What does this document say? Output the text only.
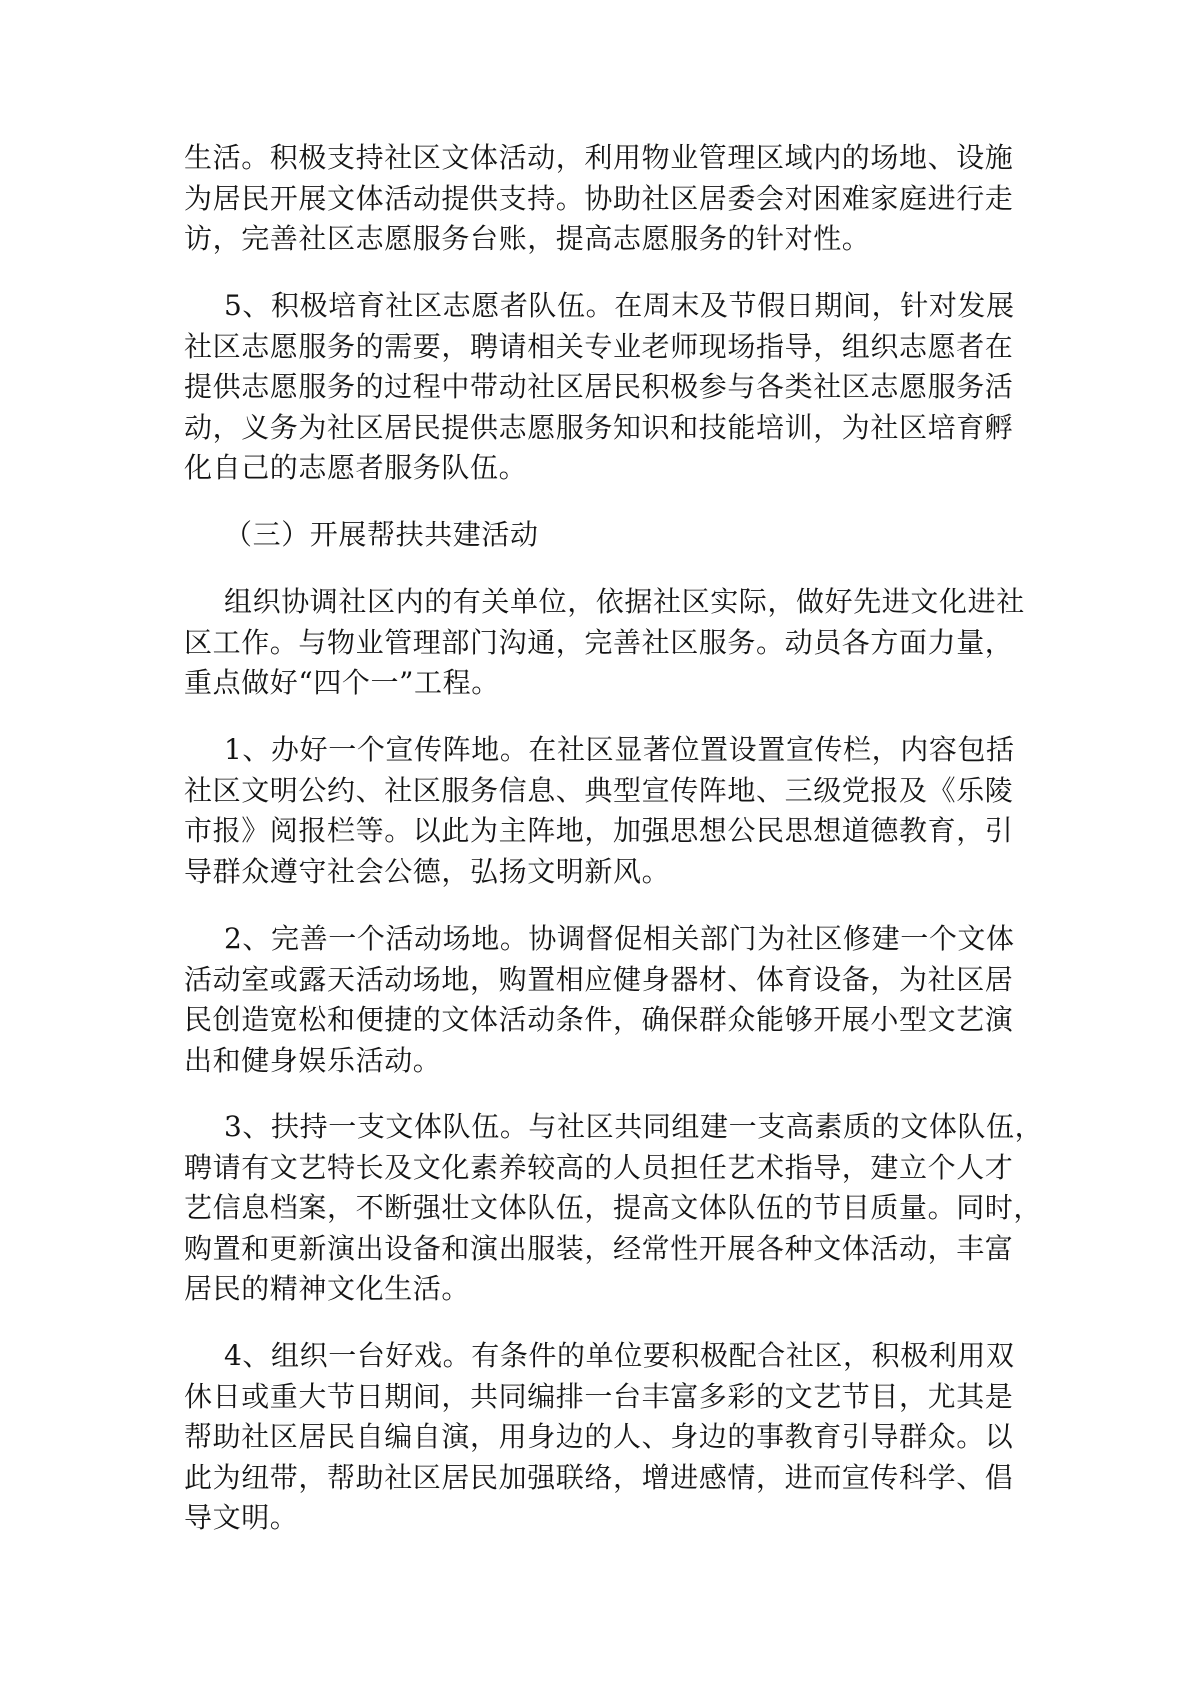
生活。积极支持社区文体活动，利用物业管理区域内的场地、设施
为居民开展文体活动提供支持。协助社区居委会对困难家庭进行走
访，完善社区志愿服务台账，提高志愿服务的针对性。

5、积极培育社区志愿者队伍。在周末及节假日期间，针对发展
社区志愿服务的需要，聘请相关专业老师现场指导，组织志愿者在
提供志愿服务的过程中带动社区居民积极参与各类社区志愿服务活
动，义务为社区居民提供志愿服务知识和技能培训，为社区培育孵
化自己的志愿者服务队伍。

（三）开展帮扶共建活动

组织协调社区内的有关单位，依据社区实际，做好先进文化进社
区工作。与物业管理部门沟通，完善社区服务。动员各方面力量，
重点做好“四个一”工程。

1、办好一个宣传阵地。在社区显著位置设置宣传栏，内容包括
社区文明公约、社区服务信息、典型宣传阵地、三级党报及《乐陵
市报》阅报栏等。以此为主阵地，加强思想公民思想道德教育，引
导群众遵守社会公德，弘扬文明新风。

2、完善一个活动场地。协调督促相关部门为社区修建一个文体
活动室或露天活动场地，购置相应健身器材、体育设备，为社区居
民创造宽松和便捷的文体活动条件，确保群众能够开展小型文艺演
出和健身娱乐活动。

3、扶持一支文体队伍。与社区共同组建一支高素质的文体队伍，
聘请有文艺特长及文化素养较高的人员担任艺术指导，建立个人才
艺信息档案，不断强壮文体队伍，提高文体队伍的节目质量。同时，
购置和更新演出设备和演出服装，经常性开展各种文体活动，丰富
居民的精神文化生活。

4、组织一台好戏。有条件的单位要积极配合社区，积极利用双
休日或重大节日期间，共同编排一台丰富多彩的文艺节目，尤其是
帮助社区居民自编自演，用身边的人、身边的事教育引导群众。以
此为纽带，帮助社区居民加强联络，增进感情，进而宣传科学、倡
导文明。
